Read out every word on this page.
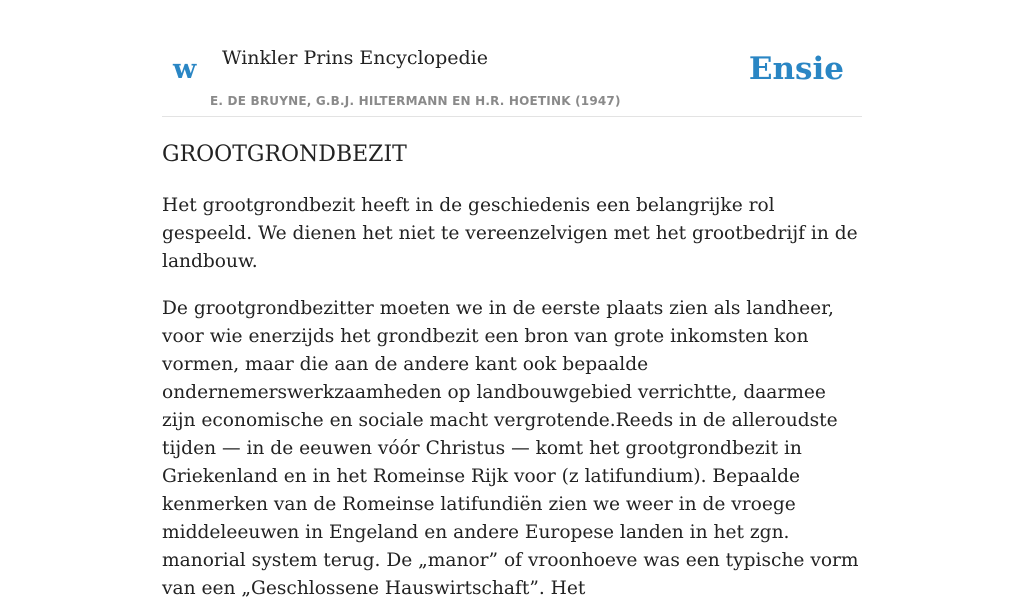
w Winkler Prins Encyclopedie
E. DE BRUYNE, G.B.J. HILTERMANN EN H.R. HOETINK (1947)
Ensie
GROOTGRONDBEZIT

Het grootgrondbezit heeft in de geschiedenis een belangrijke rol gespeeld. We dienen het niet te vereenzelvigen met het grootbedrijf in de landbouw.

De grootgrondbezitter moeten we in de eerste plaats zien als landheer, voor wie enerzijds het grondbezit een bron van grote inkomsten kon vormen, maar die aan de andere kant ook bepaalde ondernemerswerkzaamheden op landbouwgebied verrichtte, daarmee zijn economische en sociale macht vergrotende.Reeds in de alleroudste tijden — in de eeuwen vóór Christus — komt het grootgrondbezit in Griekenland en in het Romeinse Rijk voor (z latifundium). Bepaalde kenmerken van de Romeinse latifundiën zien we weer in de vroege middeleeuwen in Engeland en andere Europese landen in het zgn. manorial system terug. De „manor” of vroonhoeve was een typische vorm van een „Geschlossene Hauswirtschaft”. Het
